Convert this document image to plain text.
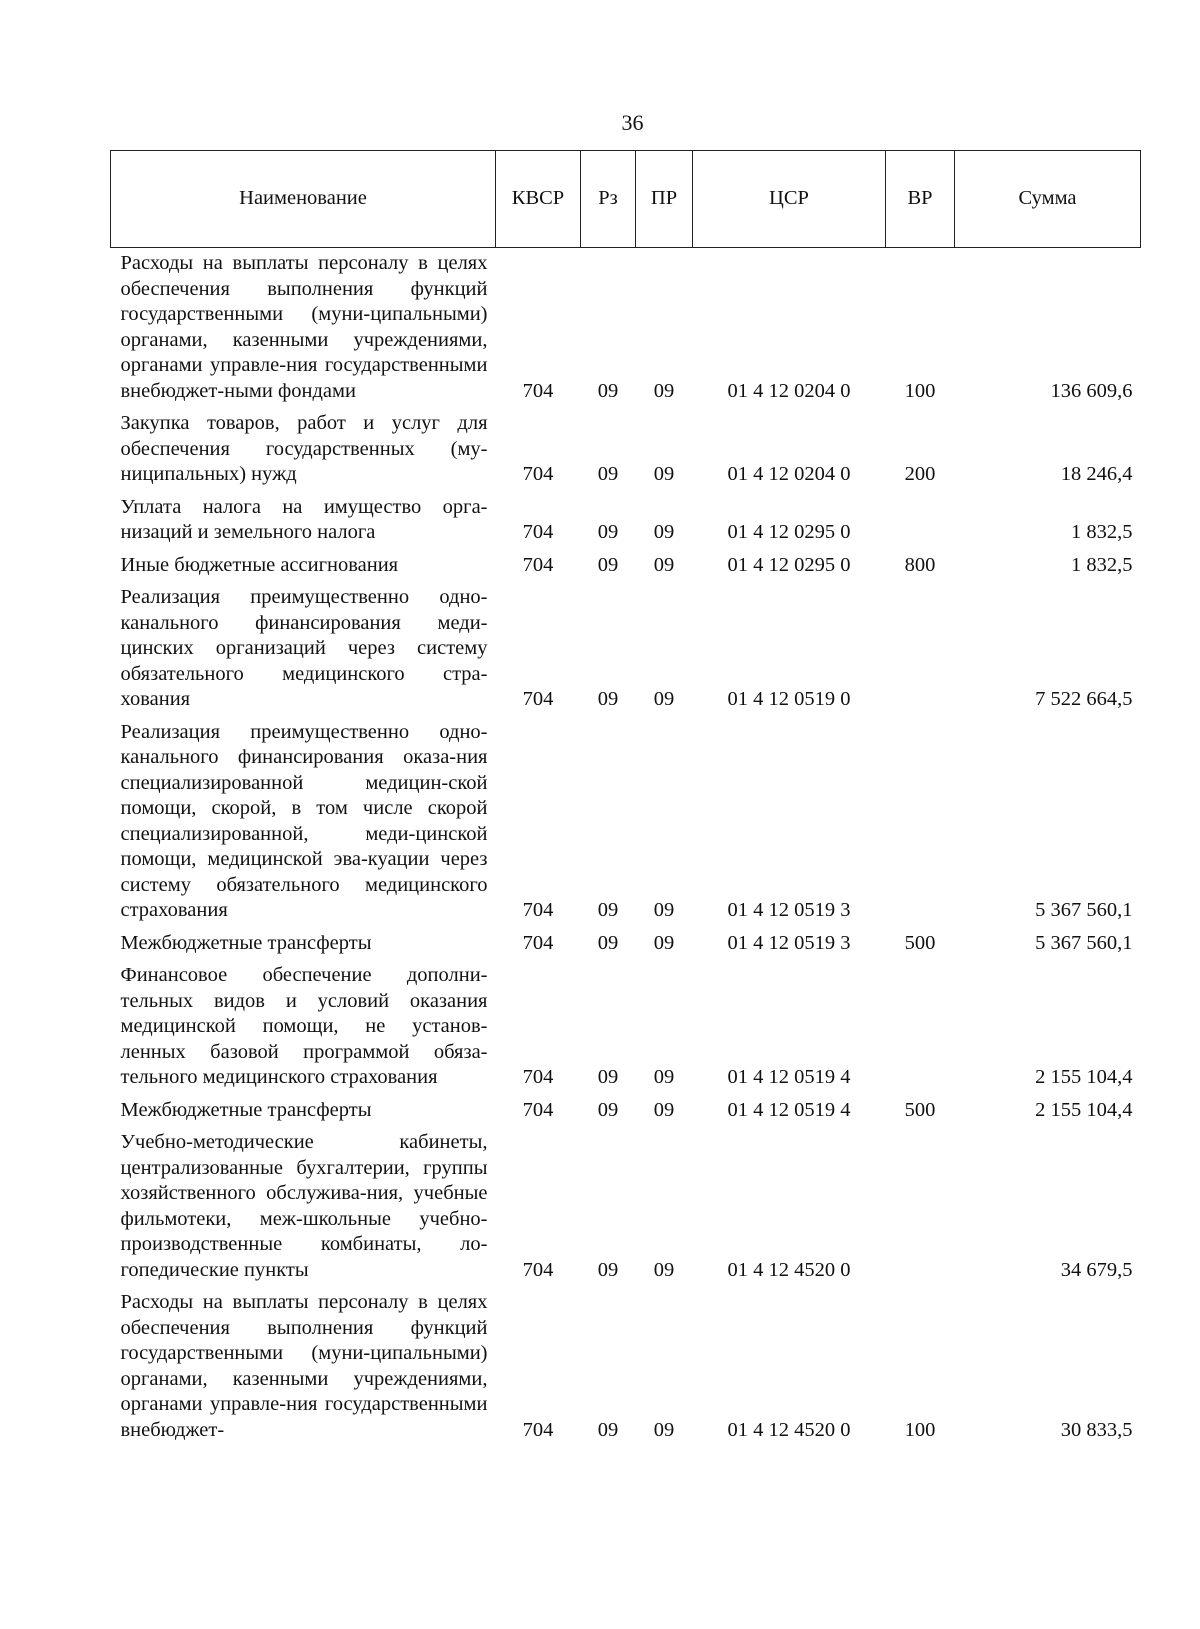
36
Наименование	КВСР	Рз	ПР	ЦСР	ВР	Сумма
Расходы на выплаты персоналу в целях обеспечения выполнения функций государственными (муни-ципальными) органами, казенными учреждениями, органами управле-ния государственными внебюджет-ными фондами	704	09	09	01 4 12 0204 0	100	136 609,6
Закупка товаров, работ и услуг для обеспечения государственных (му-ниципальных) нужд	704	09	09	01 4 12 0204 0	200	18 246,4
Уплата налога на имущество орга-низаций и земельного налога	704	09	09	01 4 12 0295 0		1 832,5
Иные бюджетные ассигнования	704	09	09	01 4 12 0295 0	800	1 832,5
Реализация преимущественно одно-канального финансирования меди-цинских организаций через систему обязательного медицинского стра-хования	704	09	09	01 4 12 0519 0		7 522 664,5
Реализация преимущественно одно-канального финансирования оказа-ния специализированной медицин-ской помощи, скорой, в том числе скорой специализированной, меди-цинской помощи, медицинской эва-куации через систему обязательного медицинского страхования	704	09	09	01 4 12 0519 3		5 367 560,1
Межбюджетные трансферты	704	09	09	01 4 12 0519 3	500	5 367 560,1
Финансовое обеспечение дополни-тельных видов и условий оказания медицинской помощи, не установ-ленных базовой программой обяза-тельного медицинского страхования	704	09	09	01 4 12 0519 4		2 155 104,4
Межбюджетные трансферты	704	09	09	01 4 12 0519 4	500	2 155 104,4
Учебно-методические кабинеты, централизованные бухгалтерии, группы хозяйственного обслужива-ния, учебные фильмотеки, меж-школьные учебно-производственные комбинаты, ло-гопедические пункты	704	09	09	01 4 12 4520 0		34 679,5
Расходы на выплаты персоналу в целях обеспечения выполнения функций государственными (муни-ципальными) органами, казенными учреждениями, органами управле-ния государственными внебюджет-	704	09	09	01 4 12 4520 0	100	30 833,5
